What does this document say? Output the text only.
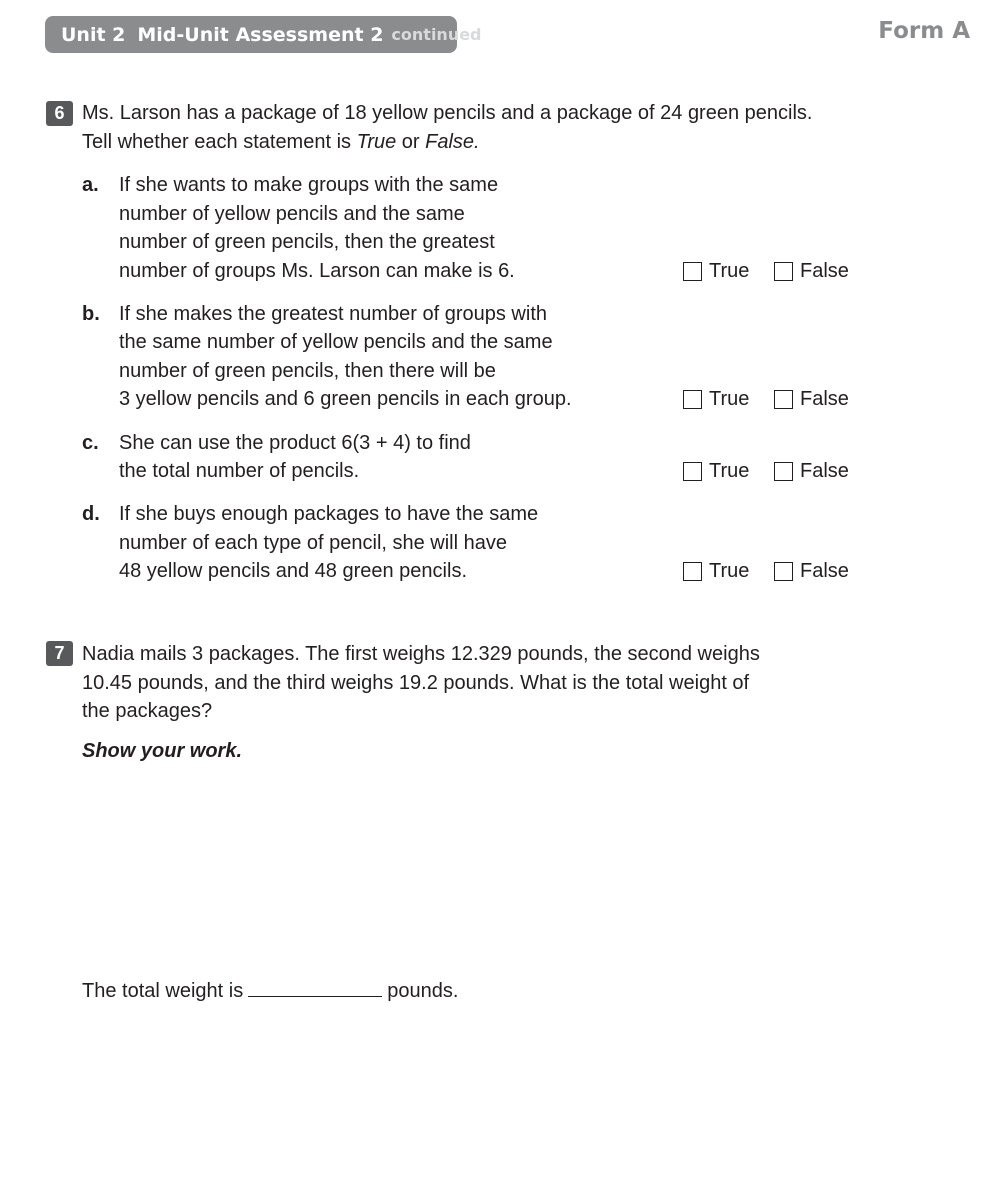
Unit 2 Mid-Unit Assessment 2 continued	Form A
6 Ms. Larson has a package of 18 yellow pencils and a package of 24 green pencils.
Tell whether each statement is True or False.
a. If she wants to make groups with the same
number of yellow pencils and the same
number of green pencils, then the greatest
number of groups Ms. Larson can make is 6.	True	False
b. If she makes the greatest number of groups with
the same number of yellow pencils and the same
number of green pencils, then there will be
3 yellow pencils and 6 green pencils in each group.	True	False
c. She can use the product 6(3 + 4) to find
the total number of pencils.	True	False
d. If she buys enough packages to have the same
number of each type of pencil, she will have
48 yellow pencils and 48 green pencils.	True	False
7 Nadia mails 3 packages. The first weighs 12.329 pounds, the second weighs
10.45 pounds, and the third weighs 19.2 pounds. What is the total weight of
the packages?
Show your work.
The total weight is	pounds.
